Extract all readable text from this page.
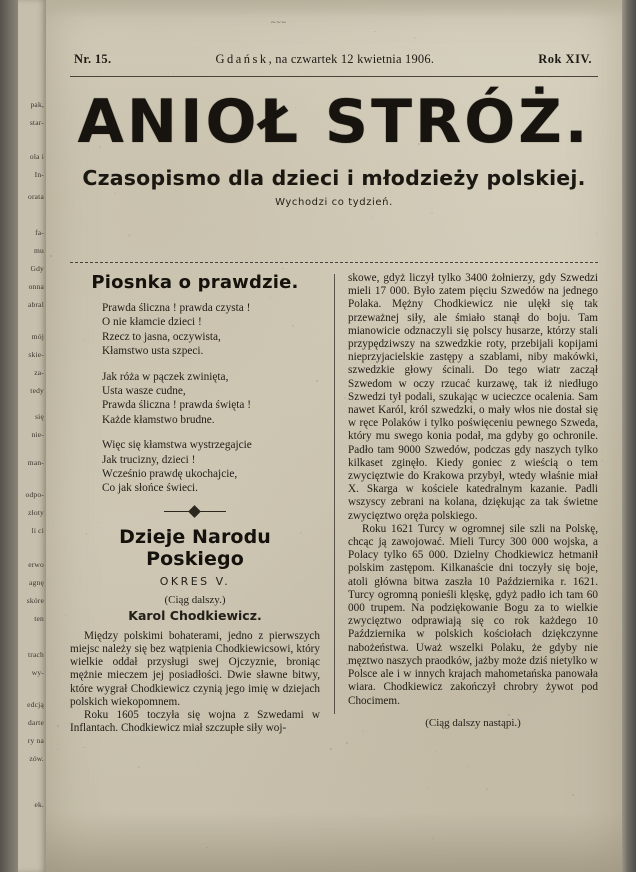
pak,
star-
ola i
In-
orata
fa-
mu
Gdy
onna
abral
mój
skie-
za-
tedy
się
nie-
man-
odpo-
złoty
li ci
erwo
agnę
skóre
ten
trach
wy-
edcją
darte
ry na
zów.
ek.
~~~
Nr. 15.	Gdańsk, na czwartek 12 kwietnia 1906.	Rok XIV.
ANIOŁ STRÓŻ.
Czasopismo dla dzieci i młodzieży polskiej.
Wychodzi co tydzień.
Piosnka o prawdzie.
Prawda śliczna ! prawda czysta !
O nie kłamcie dzieci !
Rzecz to jasna, oczywista,
Kłamstwo usta szpeci.
Jak róża w pączek zwinięta,
Usta wasze cudne,
Prawda śliczna ! prawda święta !
Każde kłamstwo brudne.
Więc się kłamstwa wystrzegajcie
Jak trucizny, dzieci !
Wcześnio prawdę ukochajcie,
Co jak słońce świeci.
Dzieje Narodu Poskiego
OKRES V.
(Ciąg dalszy.)
Karol Chodkiewicz.

Między polskimi bohaterami, jedno z pierwszych miejsc należy się bez wątpienia Chodkiewicsowi, który wielkie oddał przysługi swej Ojczyznie, broniąc mężnie mieczem jej posiadłości. Dwie sławne bitwy, które wygrał Chodkiewicz czynią jego imię w dziejach polskich wiekopomnem.

Roku 1605 toczyła się wojna z Szwedami w Inflantach. Chodkiewicz miał szczupłe siły woj-

skowe, gdyż liczył tylko 3400 żołnierzy, gdy Szwedzi mieli 17 000. Było zatem pięciu Szwedów na jednego Polaka. Mężny Chodkiewicz nie ulękł się tak przeważnej siły, ale śmiało stanął do boju. Tam mianowicie odznaczyli się polscy husarze, którzy stali przypędziwszy na szwedzkie roty, przebijali kopijami nieprzyjacielskie zastępy a szablami, niby makówki, szwedzkie głowy ścinali. Do tego wiatr zaczął Szwedom w oczy rzucać kurzawę, tak iż niedługo Szwedzi tył podali, szukając w ucieczce ocalenia. Sam nawet Karól, król szwedzki, o mały włos nie dostał się w ręce Polaków i tylko poświęceniu pewnego Szweda, który mu swego konia podał, ma gdyby go ochronile. Padło tam 9000 Szwedów, podczas gdy naszych tylko kilkaset zginęło. Kiedy goniec z wieścią o tem zwycięztwie do Krakowa przybył, wtedy właśnie miał X. Skarga w kościele katedralnym kazanie. Padli wszyscy zebrani na kolana, dziękując za tak świetne zwycięztwo oręża polskiego.

Roku 1621 Turcy w ogromnej sile szli na Polskę, chcąc ją zawojować. Mieli Turcy 300 000 wojska, a Polacy tylko 65 000. Dzielny Chodkiewicz hetmanił polskim zastępom. Kilkanaście dni toczyły się boje, atoli główna bitwa zaszła 10 Października r. 1621. Turcy ogromną ponieśli klęskę, gdyż padło ich tam 60 000 trupem. Na podziękowanie Bogu za to wielkie zwycięztwo odprawiają się co rok każdego 10 Października w polskich kościołach dziękczynne nabożeństwa. Uważ wszelki Polaku, że gdyby nie męztwo naszych praodków, jażby może dziś nietylko w Polsce ale i w innych krajach mahometańska panowała wiara. Chodkiewicz zakończył chrobry żywot pod Chocimem.

(Ciąg dalszy nastąpi.)
